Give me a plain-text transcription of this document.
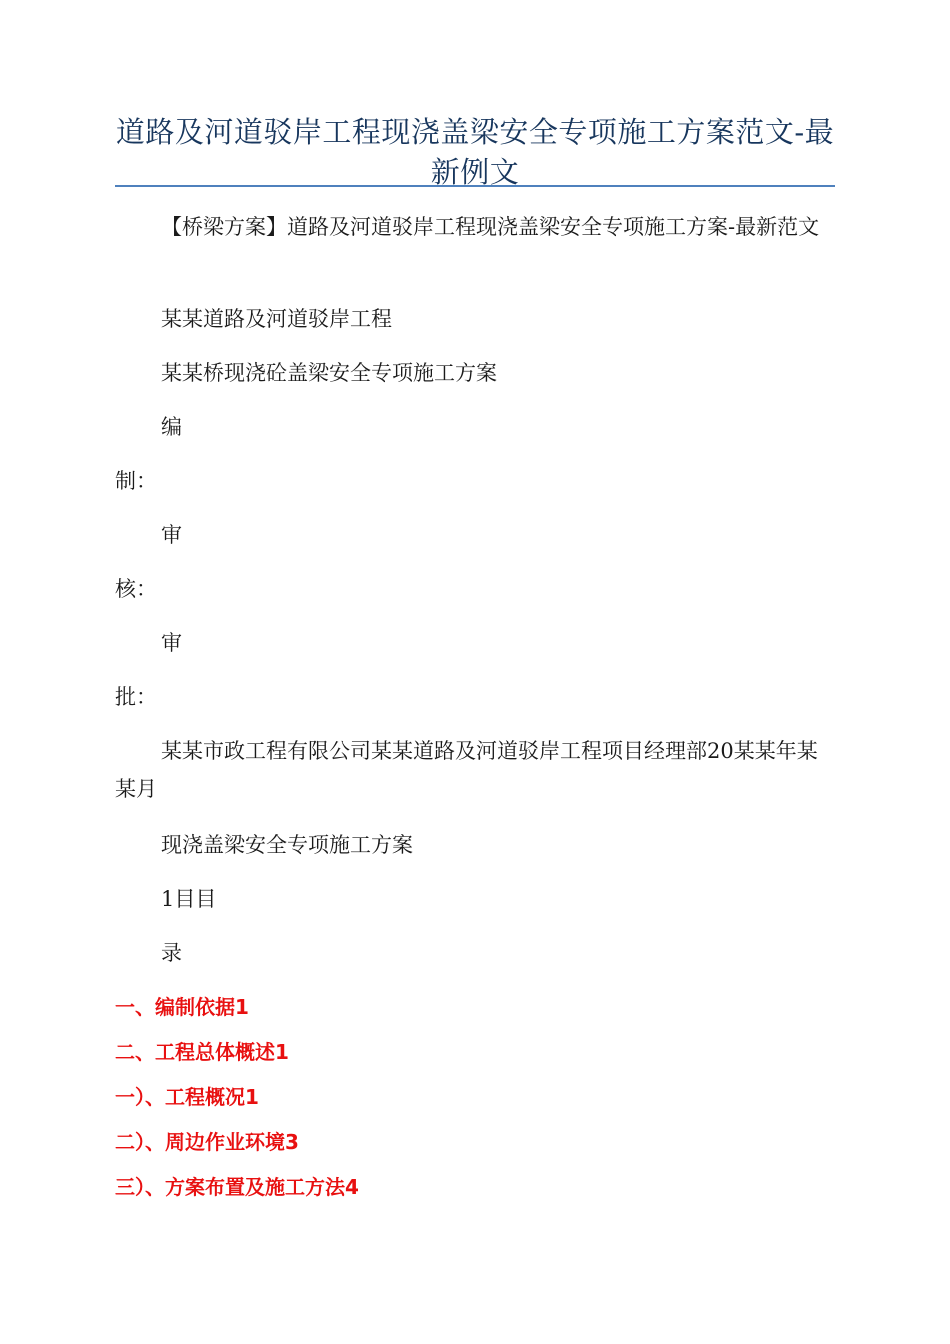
道路及河道驳岸工程现浇盖梁安全专项施工方案范文-最新例文

【桥梁方案】道路及河道驳岸工程现浇盖梁安全专项施工方案-最新范文

某某道路及河道驳岸工程

某某桥现浇砼盖梁安全专项施工方案

编

制：

审

核：

审

批：

某某市政工程有限公司某某道路及河道驳岸工程项目经理部20某某年某某月

现浇盖梁安全专项施工方案

1目目

录

一、编制依据1

二、工程总体概述1

一）、工程概况1

二）、周边作业环境3

三）、方案布置及施工方法4
